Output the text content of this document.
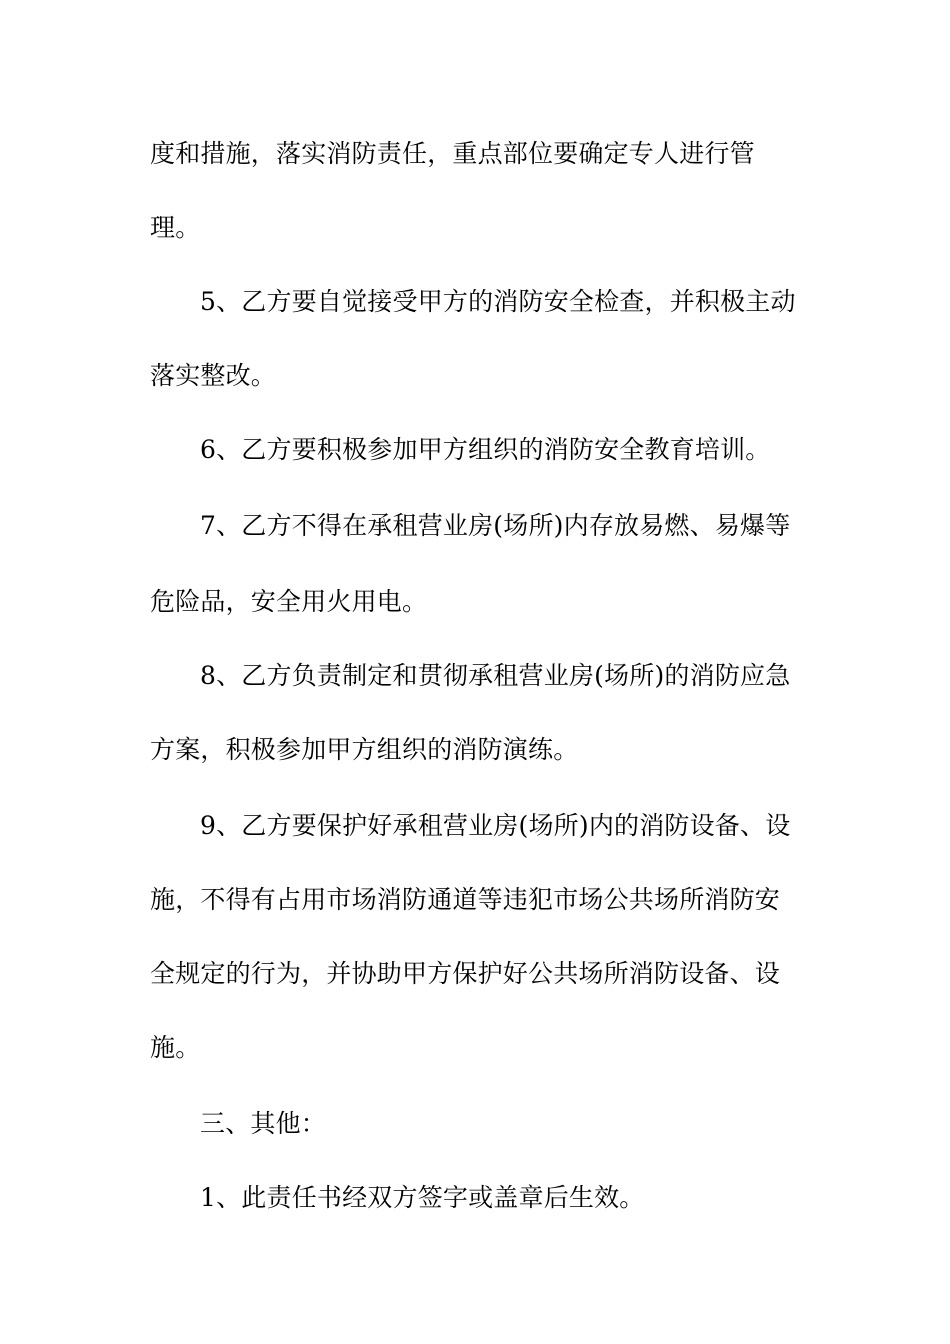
度和措施，落实消防责任，重点部位要确定专人进行管

理。

5、乙方要自觉接受甲方的消防安全检查，并积极主动

落实整改。

6、乙方要积极参加甲方组织的消防安全教育培训。

7、乙方不得在承租营业房(场所)内存放易燃、易爆等

危险品，安全用火用电。

8、乙方负责制定和贯彻承租营业房(场所)的消防应急

方案，积极参加甲方组织的消防演练。

9、乙方要保护好承租营业房(场所)内的消防设备、设

施，不得有占用市场消防通道等违犯市场公共场所消防安

全规定的行为，并协助甲方保护好公共场所消防设备、设

施。

三、其他：

1、此责任书经双方签字或盖章后生效。
